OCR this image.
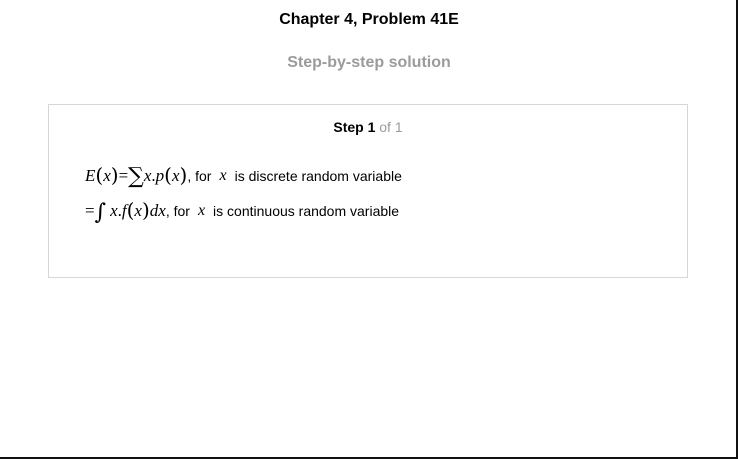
Chapter 4, Problem 41E
Step-by-step solution
Step 1 of 1
E(x)=∑x.p(x) , for x is discrete random variable
=∫ x.f(x)dx , for x is continuous random variable
